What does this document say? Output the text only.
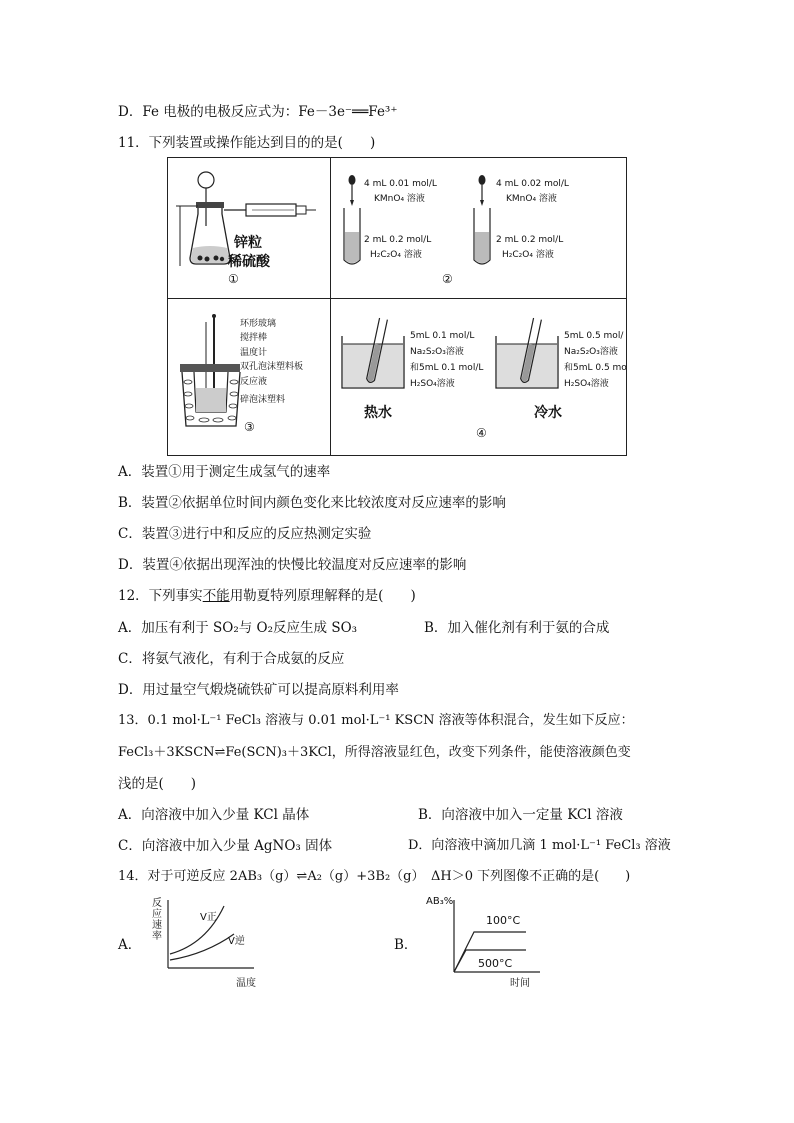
D．Fe 电极的电极反应式为：Fe－3e⁻══Fe³⁺
11．下列装置或操作能达到目的的是(　　)
锌粒
稀硫酸
①
4 mL 0.01 mol/L
KMnO₄ 溶液
2 mL 0.2 mol/L
H₂C₂O₄ 溶液
4 mL 0.02 mol/L
KMnO₄ 溶液
2 mL 0.2 mol/L
H₂C₂O₄ 溶液
②
环形玻璃
搅拌棒
温度计
双孔泡沫塑料板
反应液
碎泡沫塑料
③
5mL 0.1 mol/L
Na₂S₂O₃溶液
和5mL 0.1 mol/L
H₂SO₄溶液
5mL 0.5 mol/
Na₂S₂O₃溶液
和5mL 0.5 mo
H₂SO₄溶液
热水	冷水
④
A．装置①用于测定生成氢气的速率
B．装置②依据单位时间内颜色变化来比较浓度对反应速率的影响
C．装置③进行中和反应的反应热测定实验
D．装置④依据出现浑浊的快慢比较温度对反应速率的影响
12．下列事实不能用勒夏特列原理解释的是(　　)
A．加压有利于 SO₂与 O₂反应生成 SO₃	B．加入催化剂有利于氨的合成
C．将氨气液化，有利于合成氨的反应
D．用过量空气煅烧硫铁矿可以提高原料利用率
13．0.1 mol·L⁻¹ FeCl₃ 溶液与 0.01 mol·L⁻¹ KSCN 溶液等体积混合，发生如下反应：
FeCl₃＋3KSCN⇌Fe(SCN)₃＋3KCl，所得溶液显红色，改变下列条件，能使溶液颜色变
浅的是(　　)
A．向溶液中加入少量 KCl 晶体	B．向溶液中加入一定量 KCl 溶液
C．向溶液中加入少量 AgNO₃ 固体	D．向溶液中滴加几滴 1 mol·L⁻¹ FeCl₃ 溶液
14．对于可逆反应 2AB₃（g）⇌A₂（g）+3B₂（g）　ΔH＞0 下列图像不正确的是(　　)
A．
反应速率
温度
V正
V逆	B．
AB₃%
时间
100°C
500°C
